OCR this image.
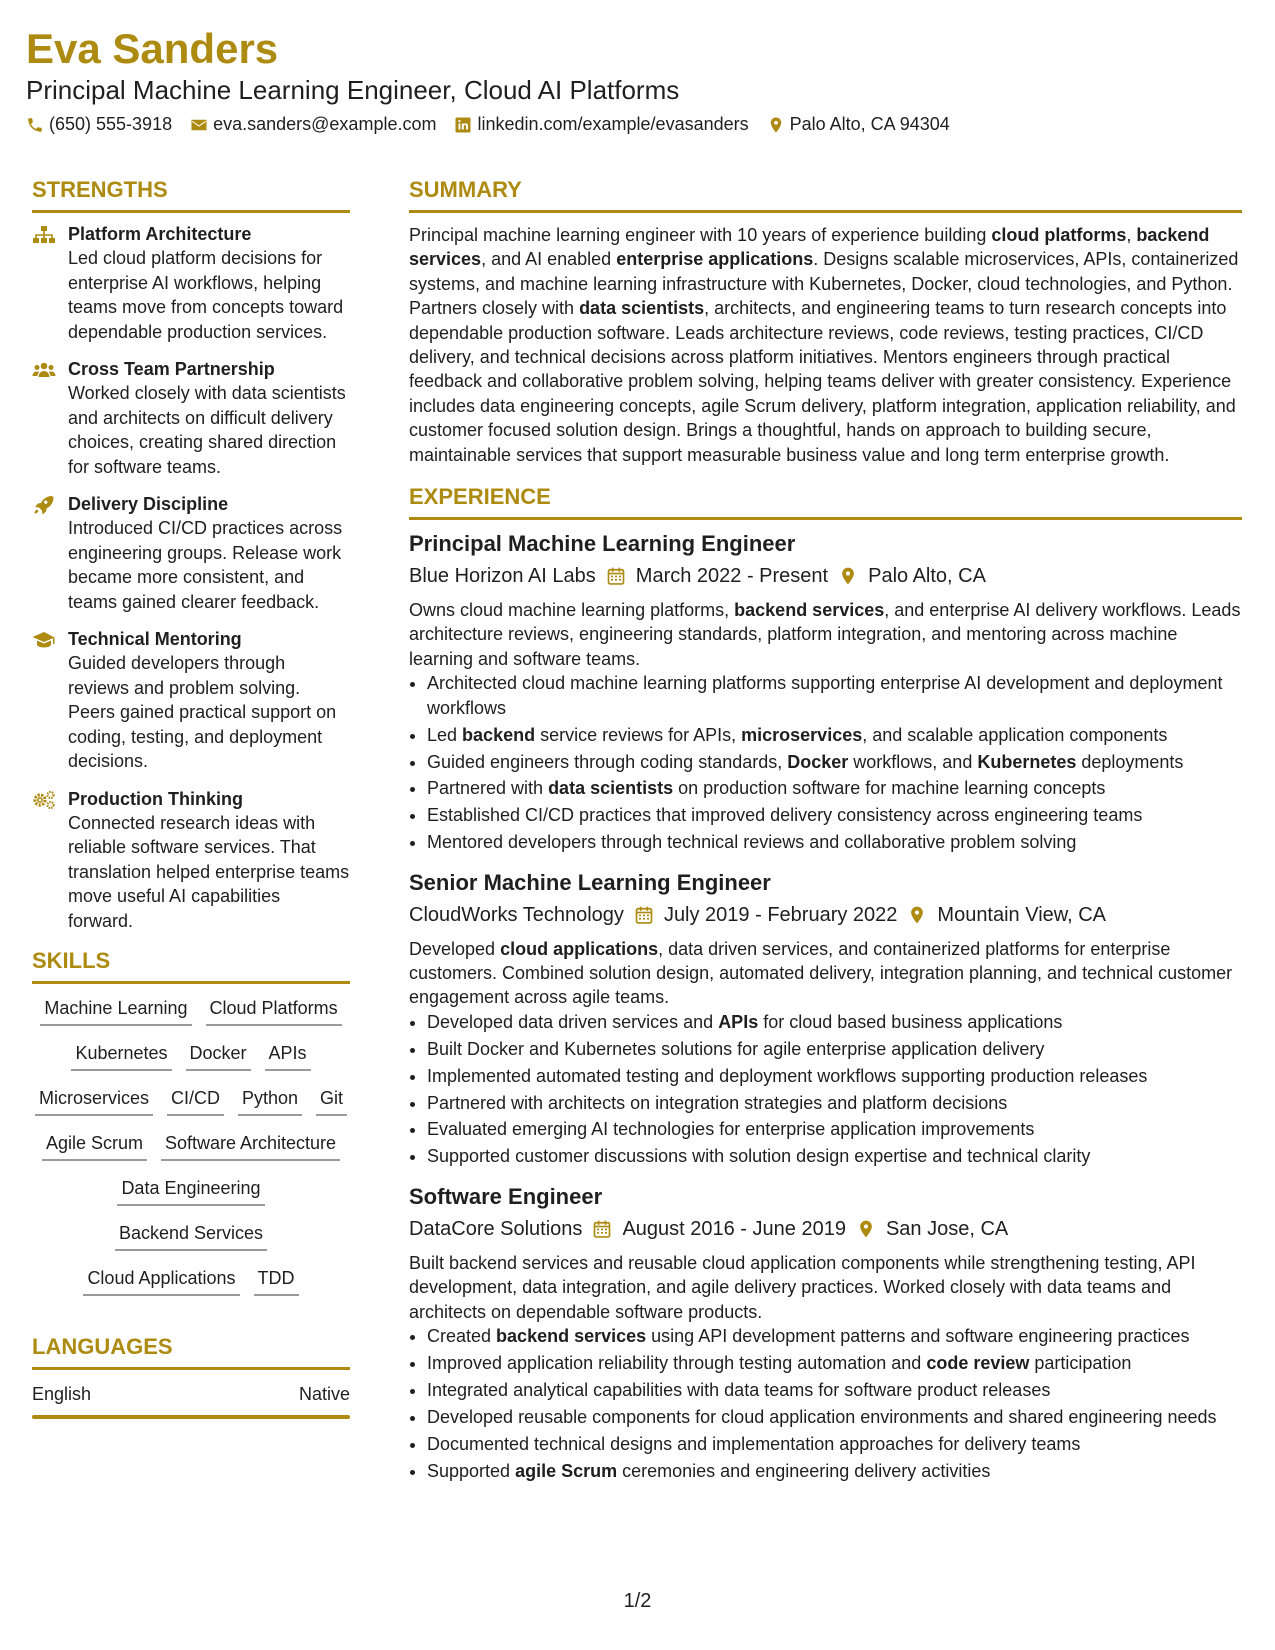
Eva Sanders
Principal Machine Learning Engineer, Cloud AI Platforms
(650) 555-3918 eva.sanders@example.com linkedin.com/example/evasanders Palo Alto, CA 94304
STRENGTHS
Platform Architecture
Led cloud platform decisions for enterprise AI workflows, helping teams move from concepts toward dependable production services.
Cross Team Partnership
Worked closely with data scientists and architects on difficult delivery choices, creating shared direction for software teams.
Delivery Discipline
Introduced CI/CD practices across engineering groups. Release work became more consistent, and teams gained clearer feedback.
Technical Mentoring
Guided developers through reviews and problem solving. Peers gained practical support on coding, testing, and deployment decisions.
Production Thinking
Connected research ideas with reliable software services. That translation helped enterprise teams move useful AI capabilities forward.
SKILLS
Machine Learning Cloud Platforms
Kubernetes Docker APIs
Microservices CI/CD Python Git
Agile Scrum Software Architecture
Data Engineering
Backend Services
Cloud Applications TDD
LANGUAGES
English	Native
SUMMARY
Principal machine learning engineer with 10 years of experience building cloud platforms, backend services, and AI enabled enterprise applications. Designs scalable microservices, APIs, containerized systems, and machine learning infrastructure with Kubernetes, Docker, cloud technologies, and Python. Partners closely with data scientists, architects, and engineering teams to turn research concepts into dependable production software. Leads architecture reviews, code reviews, testing practices, CI/CD delivery, and technical decisions across platform initiatives. Mentors engineers through practical feedback and collaborative problem solving, helping teams deliver with greater consistency. Experience includes data engineering concepts, agile Scrum delivery, platform integration, application reliability, and customer focused solution design. Brings a thoughtful, hands on approach to building secure, maintainable services that support measurable business value and long term enterprise growth.
EXPERIENCE
Principal Machine Learning Engineer
Blue Horizon AI Labs March 2022 - Present Palo Alto, CA
Owns cloud machine learning platforms, backend services, and enterprise AI delivery workflows. Leads architecture reviews, engineering standards, platform integration, and mentoring across machine learning and software teams.
• Architected cloud machine learning platforms supporting enterprise AI development and deployment workflows
• Led backend service reviews for APIs, microservices, and scalable application components
• Guided engineers through coding standards, Docker workflows, and Kubernetes deployments
• Partnered with data scientists on production software for machine learning concepts
• Established CI/CD practices that improved delivery consistency across engineering teams
• Mentored developers through technical reviews and collaborative problem solving
Senior Machine Learning Engineer
CloudWorks Technology July 2019 - February 2022 Mountain View, CA
Developed cloud applications, data driven services, and containerized platforms for enterprise customers. Combined solution design, automated delivery, integration planning, and technical customer engagement across agile teams.
• Developed data driven services and APIs for cloud based business applications
• Built Docker and Kubernetes solutions for agile enterprise application delivery
• Implemented automated testing and deployment workflows supporting production releases
• Partnered with architects on integration strategies and platform decisions
• Evaluated emerging AI technologies for enterprise application improvements
• Supported customer discussions with solution design expertise and technical clarity
Software Engineer
DataCore Solutions August 2016 - June 2019 San Jose, CA
Built backend services and reusable cloud application components while strengthening testing, API development, data integration, and agile delivery practices. Worked closely with data teams and architects on dependable software products.
• Created backend services using API development patterns and software engineering practices
• Improved application reliability through testing automation and code review participation
• Integrated analytical capabilities with data teams for software product releases
• Developed reusable components for cloud application environments and shared engineering needs
• Documented technical designs and implementation approaches for delivery teams
• Supported agile Scrum ceremonies and engineering delivery activities
1/2
